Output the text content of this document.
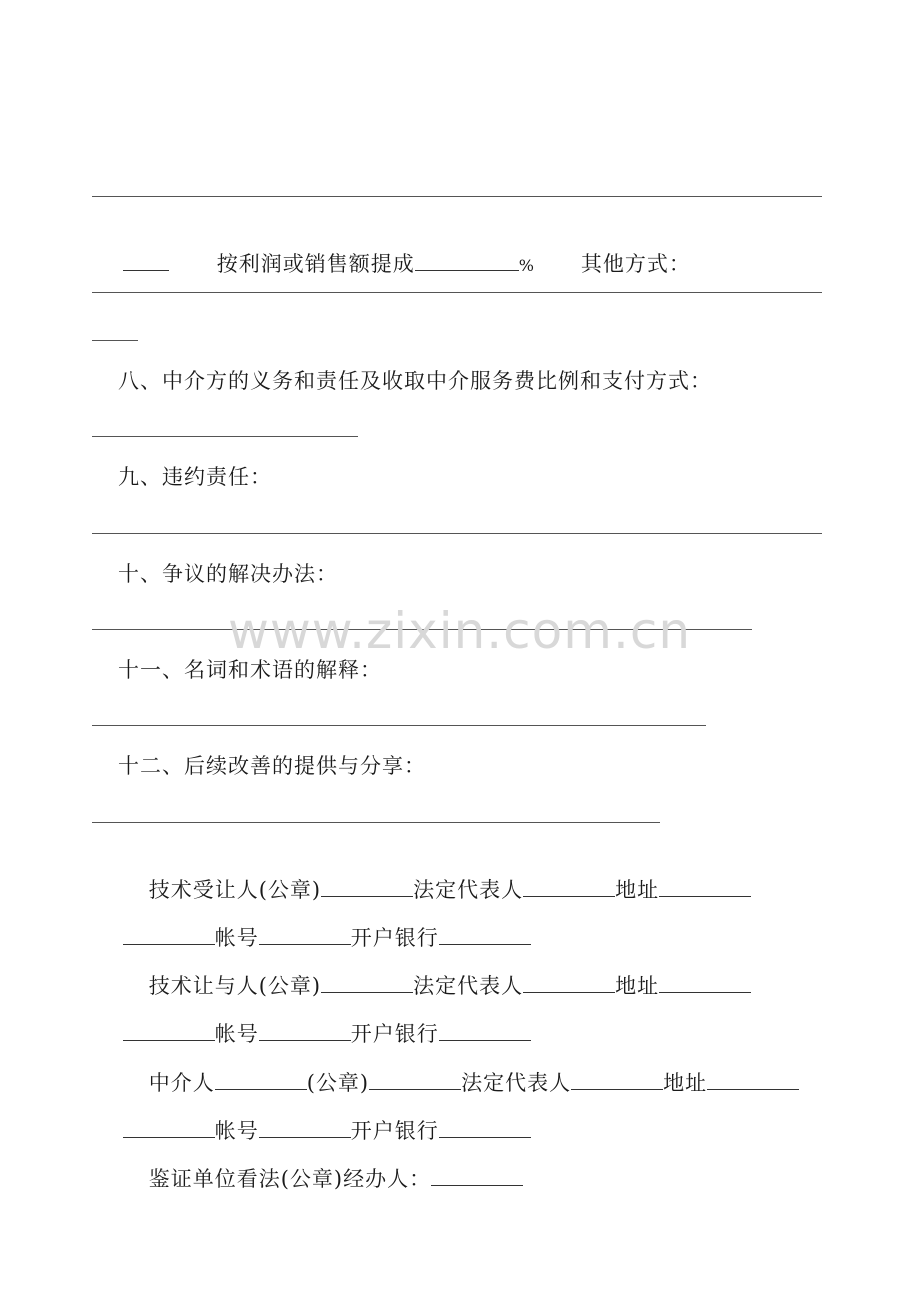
按利润或销售额提成	% 其他方式：

八、中介方的义务和责任及收取中介服务费比例和支付方式：
九、违约责任：
十、争议的解决办法：
www.zixin.com.cn
十一、名词和术语的解释：
十二、后续改善的提供与分享：

技术受让人(公章)	法定代表人	地址

帐号	开户银行

技术让与人(公章)	法定代表人	地址

帐号	开户银行

中介人	(公章)	法定代表人	地址

帐号	开户银行

鉴证单位看法(公章)经办人：
